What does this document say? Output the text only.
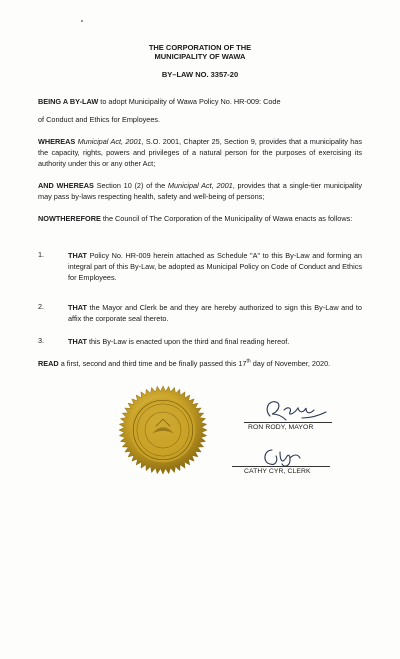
THE CORPORATION OF THE
MUNICIPALITY OF WAWA
BY–LAW NO. 3357-20

BEING A BY-LAW to adopt Municipality of Wawa Policy No. HR-009: Code

of Conduct and Ethics for Employees.

WHEREAS Municipal Act, 2001, S.O. 2001, Chapter 25, Section 9, provides that a municipality has the capacity, rights, powers and privileges of a natural person for the purposes of exercising its authority under this or any other Act;

AND WHEREAS Section 10 (2) of the Municipal Act, 2001, provides that a single-tier municipality may pass by-laws respecting health, safety and well-being of persons;

NOWTHEREFORE the Council of The Corporation of the Municipality of Wawa enacts as follows:

1.	THAT Policy No. HR-009 herein attached as Schedule "A" to this By-Law and forming an integral part of this By-Law, be adopted as Municipal Policy on Code of Conduct and Ethics for Employees.

2.	THAT the Mayor and Clerk be and they are hereby authorized to sign this By-Law and to affix the corporate seal thereto.

3.	THAT this By-Law is enacted upon the third and final reading hereof.

READ a first, second and third time and be finally passed this 17th day of November, 2020.

RON RODY, MAYOR
CATHY CYR, CLERK
